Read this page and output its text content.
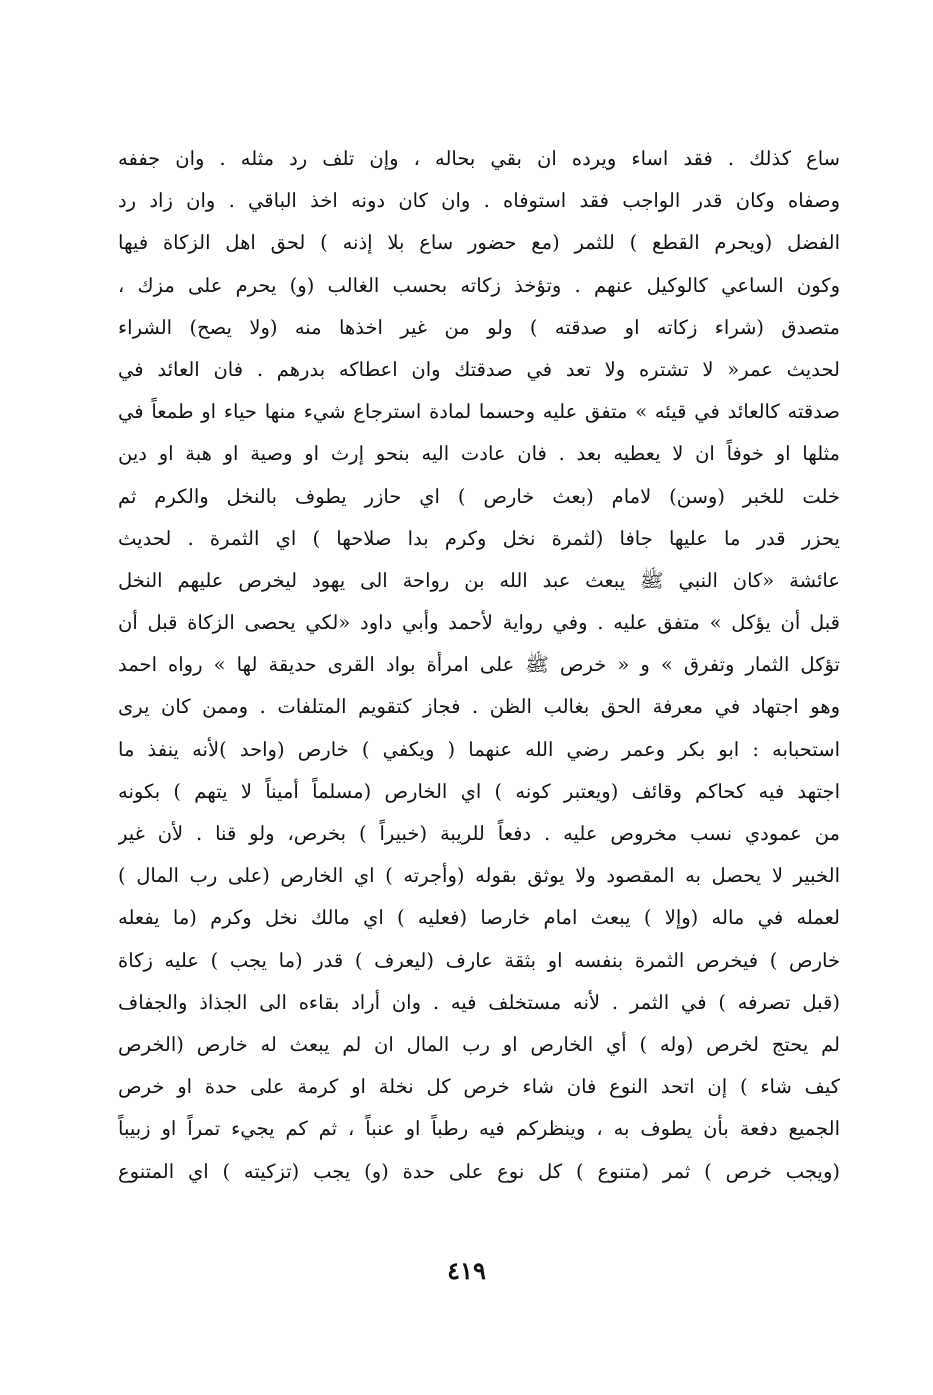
ساع كذلك . فقد اساء ويرده ان بقي بحاله ، وإن تلف رد مثله . وان جففه
وصفاه وكان قدر الواجب فقد استوفاه . وان كان دونه اخذ الباقي . وان زاد رد
الفضل (ويحرم القطع ) للثمر (مع حضور ساع بلا إذنه ) لحق اهل الزكاة فيها
وكون الساعي كالوكيل عنهم . وتؤخذ زكاته بحسب الغالب (و) يحرم على مزك ،
متصدق (شراء زكاته او صدقته ) ولو من غير اخذها منه (ولا يصح) الشراء
لحديث عمر« لا تشتره ولا تعد في صدقتك وان اعطاكه بدرهم . فان العائد في
صدقته كالعائد في قيئه » متفق عليه وحسما لمادة استرجاع شيء منها حياء او طمعاً في
مثلها او خوفاً ان لا يعطيه بعد . فان عادت اليه بنحو إرث او وصية او هبة او دين
خلت للخبر (وسن) لامام (بعث خارص ) اي حازر يطوف بالنخل والكرم ثم
يحزر قدر ما عليها جافا (لثمرة نخل وكرم بدا صلاحها ) اي الثمرة . لحديث
عائشة «كان النبي ﷺ يبعث عبد الله بن رواحة الى يهود ليخرص عليهم النخل
قبل أن يؤكل » متفق عليه . وفي رواية لأحمد وأبي داود «لكي يحصى الزكاة قبل أن
تؤكل الثمار وتفرق » و « خرص ﷺ على امرأة بواد القرى حديقة لها » رواه احمد
وهو اجتهاد في معرفة الحق بغالب الظن . فجاز كتقويم المتلفات . وممن كان يرى
استحبابه : ابو بكر وعمر رضي الله عنهما ( ويكفي ) خارص (واحد )لأنه ينفذ ما
اجتهد فيه كحاكم وقائف (ويعتبر كونه ) اي الخارص (مسلماً أميناً لا يتهم ) بكونه
من عمودي نسب مخروص عليه . دفعاً للريبة (خبيراً ) بخرص، ولو قنا . لأن غير
الخبير لا يحصل به المقصود ولا يوثق بقوله (وأجرته ) اي الخارص (على رب المال )
لعمله في ماله (وإلا ) يبعث امام خارصا (فعليه ) اي مالك نخل وكرم (ما يفعله
خارص ) فيخرص الثمرة بنفسه او بثقة عارف (ليعرف ) قدر (ما يجب ) عليه زكاة
(قبل تصرفه ) في الثمر . لأنه مستخلف فيه . وان أراد بقاءه الى الجذاذ والجفاف
لم يحتج لخرص (وله ) أي الخارص او رب المال ان لم يبعث له خارص (الخرص
كيف شاء ) إن اتحد النوع فان شاء خرص كل نخلة او كرمة على حدة او خرص
الجميع دفعة بأن يطوف به ، وينظركم فيه رطباً او عنباً ، ثم كم يجيء تمراً او زبيباً
(ويجب خرص ) ثمر (متنوع ) كل نوع على حدة (و) يجب (تزكيته ) اي المتنوع
٤١٩
